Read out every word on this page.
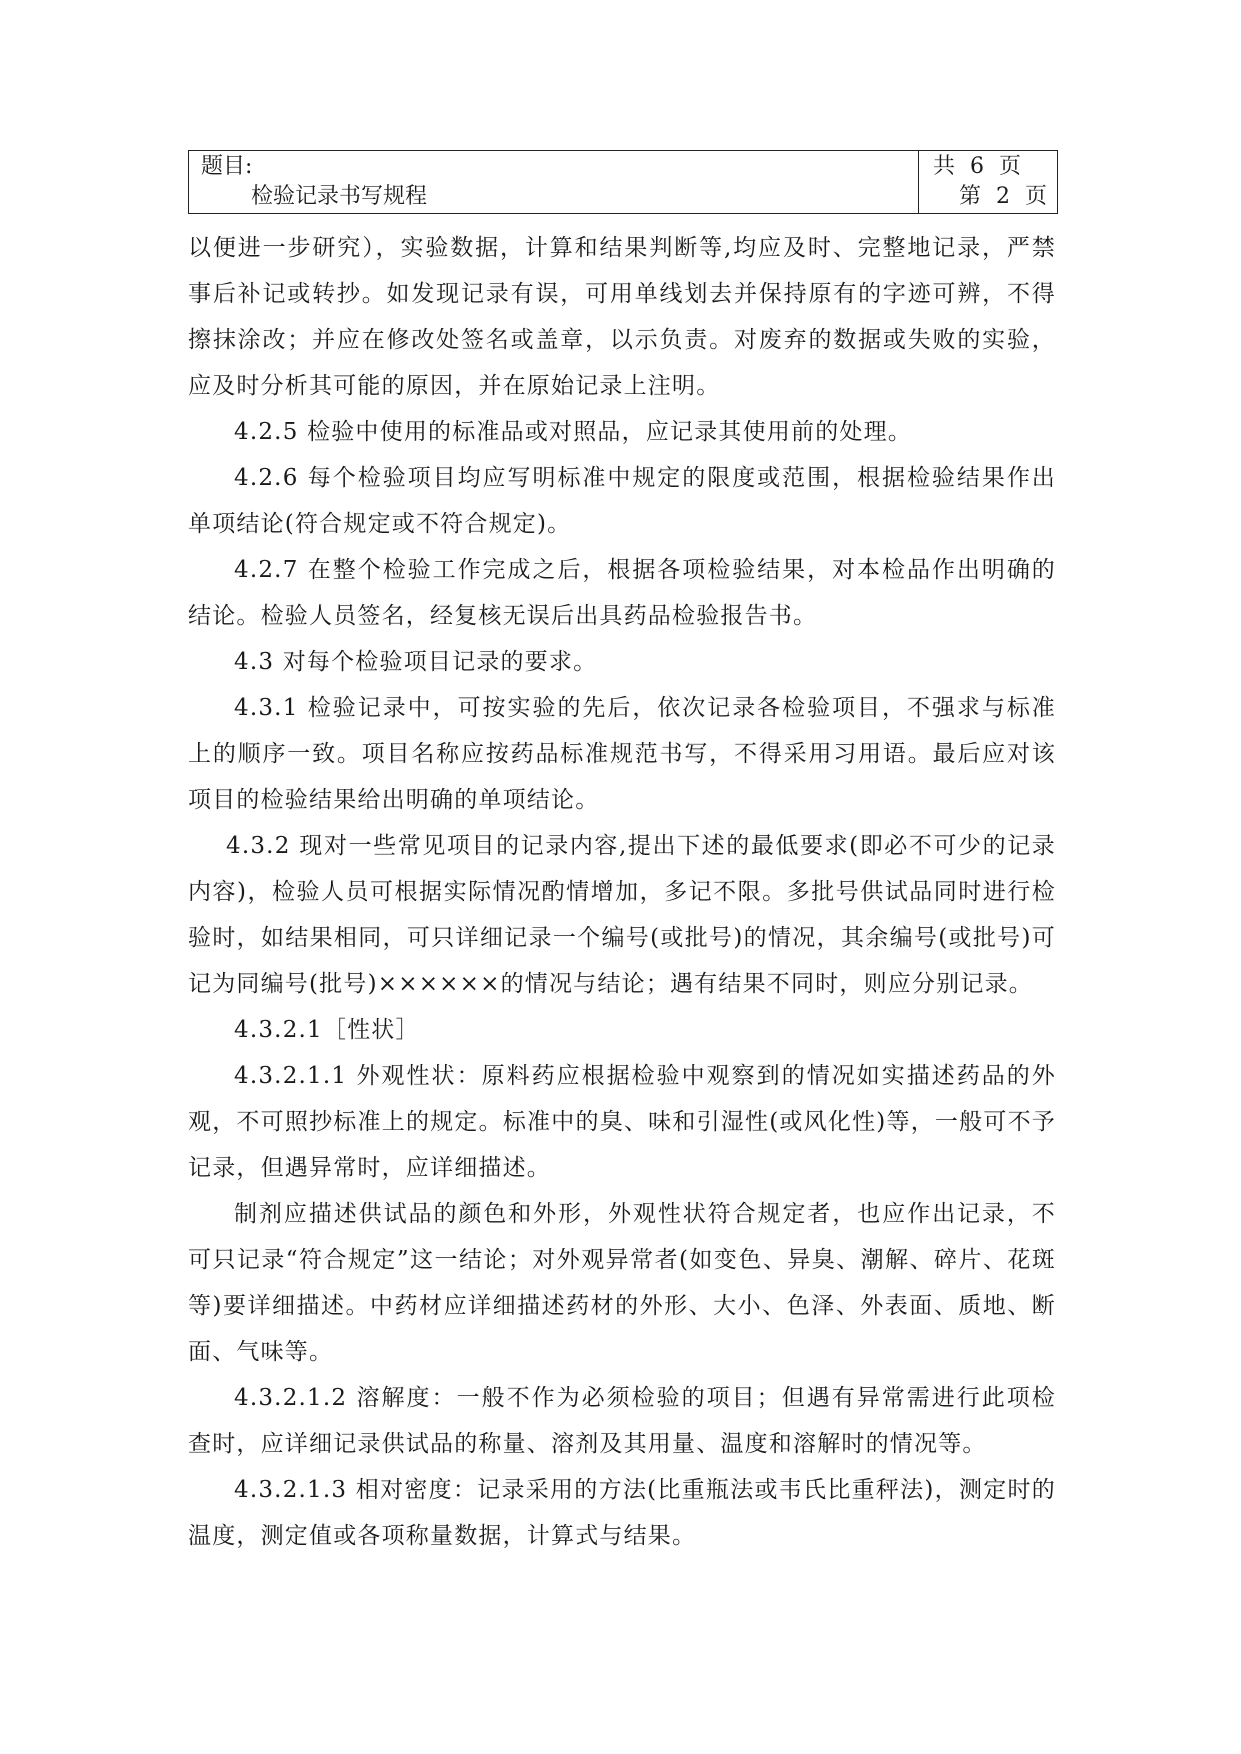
题目:
检验记录书写规程
共 6 页
第 2 页

以便进一步研究），实验数据，计算和结果判断等,均应及时、完整地记录，严禁事后补记或转抄。如发现记录有误，可用单线划去并保持原有的字迹可辨，不得擦抹涂改；并应在修改处签名或盖章，以示负责。对废弃的数据或失败的实验，应及时分析其可能的原因，并在原始记录上注明。

4.2.5 检验中使用的标准品或对照品，应记录其使用前的处理。

4.2.6 每个检验项目均应写明标准中规定的限度或范围，根据检验结果作出单项结论(符合规定或不符合规定)。

4.2.7 在整个检验工作完成之后，根据各项检验结果，对本检品作出明确的结论。检验人员签名，经复核无误后出具药品检验报告书。

4.3 对每个检验项目记录的要求。

4.3.1 检验记录中，可按实验的先后，依次记录各检验项目，不强求与标准上的顺序一致。项目名称应按药品标准规范书写，不得采用习用语。最后应对该项目的检验结果给出明确的单项结论。

4.3.2 现对一些常见项目的记录内容,提出下述的最低要求(即必不可少的记录内容)，检验人员可根据实际情况酌情增加，多记不限。多批号供试品同时进行检验时，如结果相同，可只详细记录一个编号(或批号)的情况，其余编号(或批号)可记为同编号(批号)××××××的情况与结论；遇有结果不同时，则应分别记录。

4.3.2.1［性状］

4.3.2.1.1 外观性状：原料药应根据检验中观察到的情况如实描述药品的外观，不可照抄标准上的规定。标准中的臭、味和引湿性(或风化性)等，一般可不予记录，但遇异常时，应详细描述。

制剂应描述供试品的颜色和外形，外观性状符合规定者，也应作出记录，不可只记录“符合规定”这一结论；对外观异常者(如变色、异臭、潮解、碎片、花斑等)要详细描述。中药材应详细描述药材的外形、大小、色泽、外表面、质地、断面、气味等。

4.3.2.1.2 溶解度：一般不作为必须检验的项目；但遇有异常需进行此项检查时，应详细记录供试品的称量、溶剂及其用量、温度和溶解时的情况等。

4.3.2.1.3 相对密度：记录采用的方法(比重瓶法或韦氏比重秤法)，测定时的温度，测定值或各项称量数据，计算式与结果。
